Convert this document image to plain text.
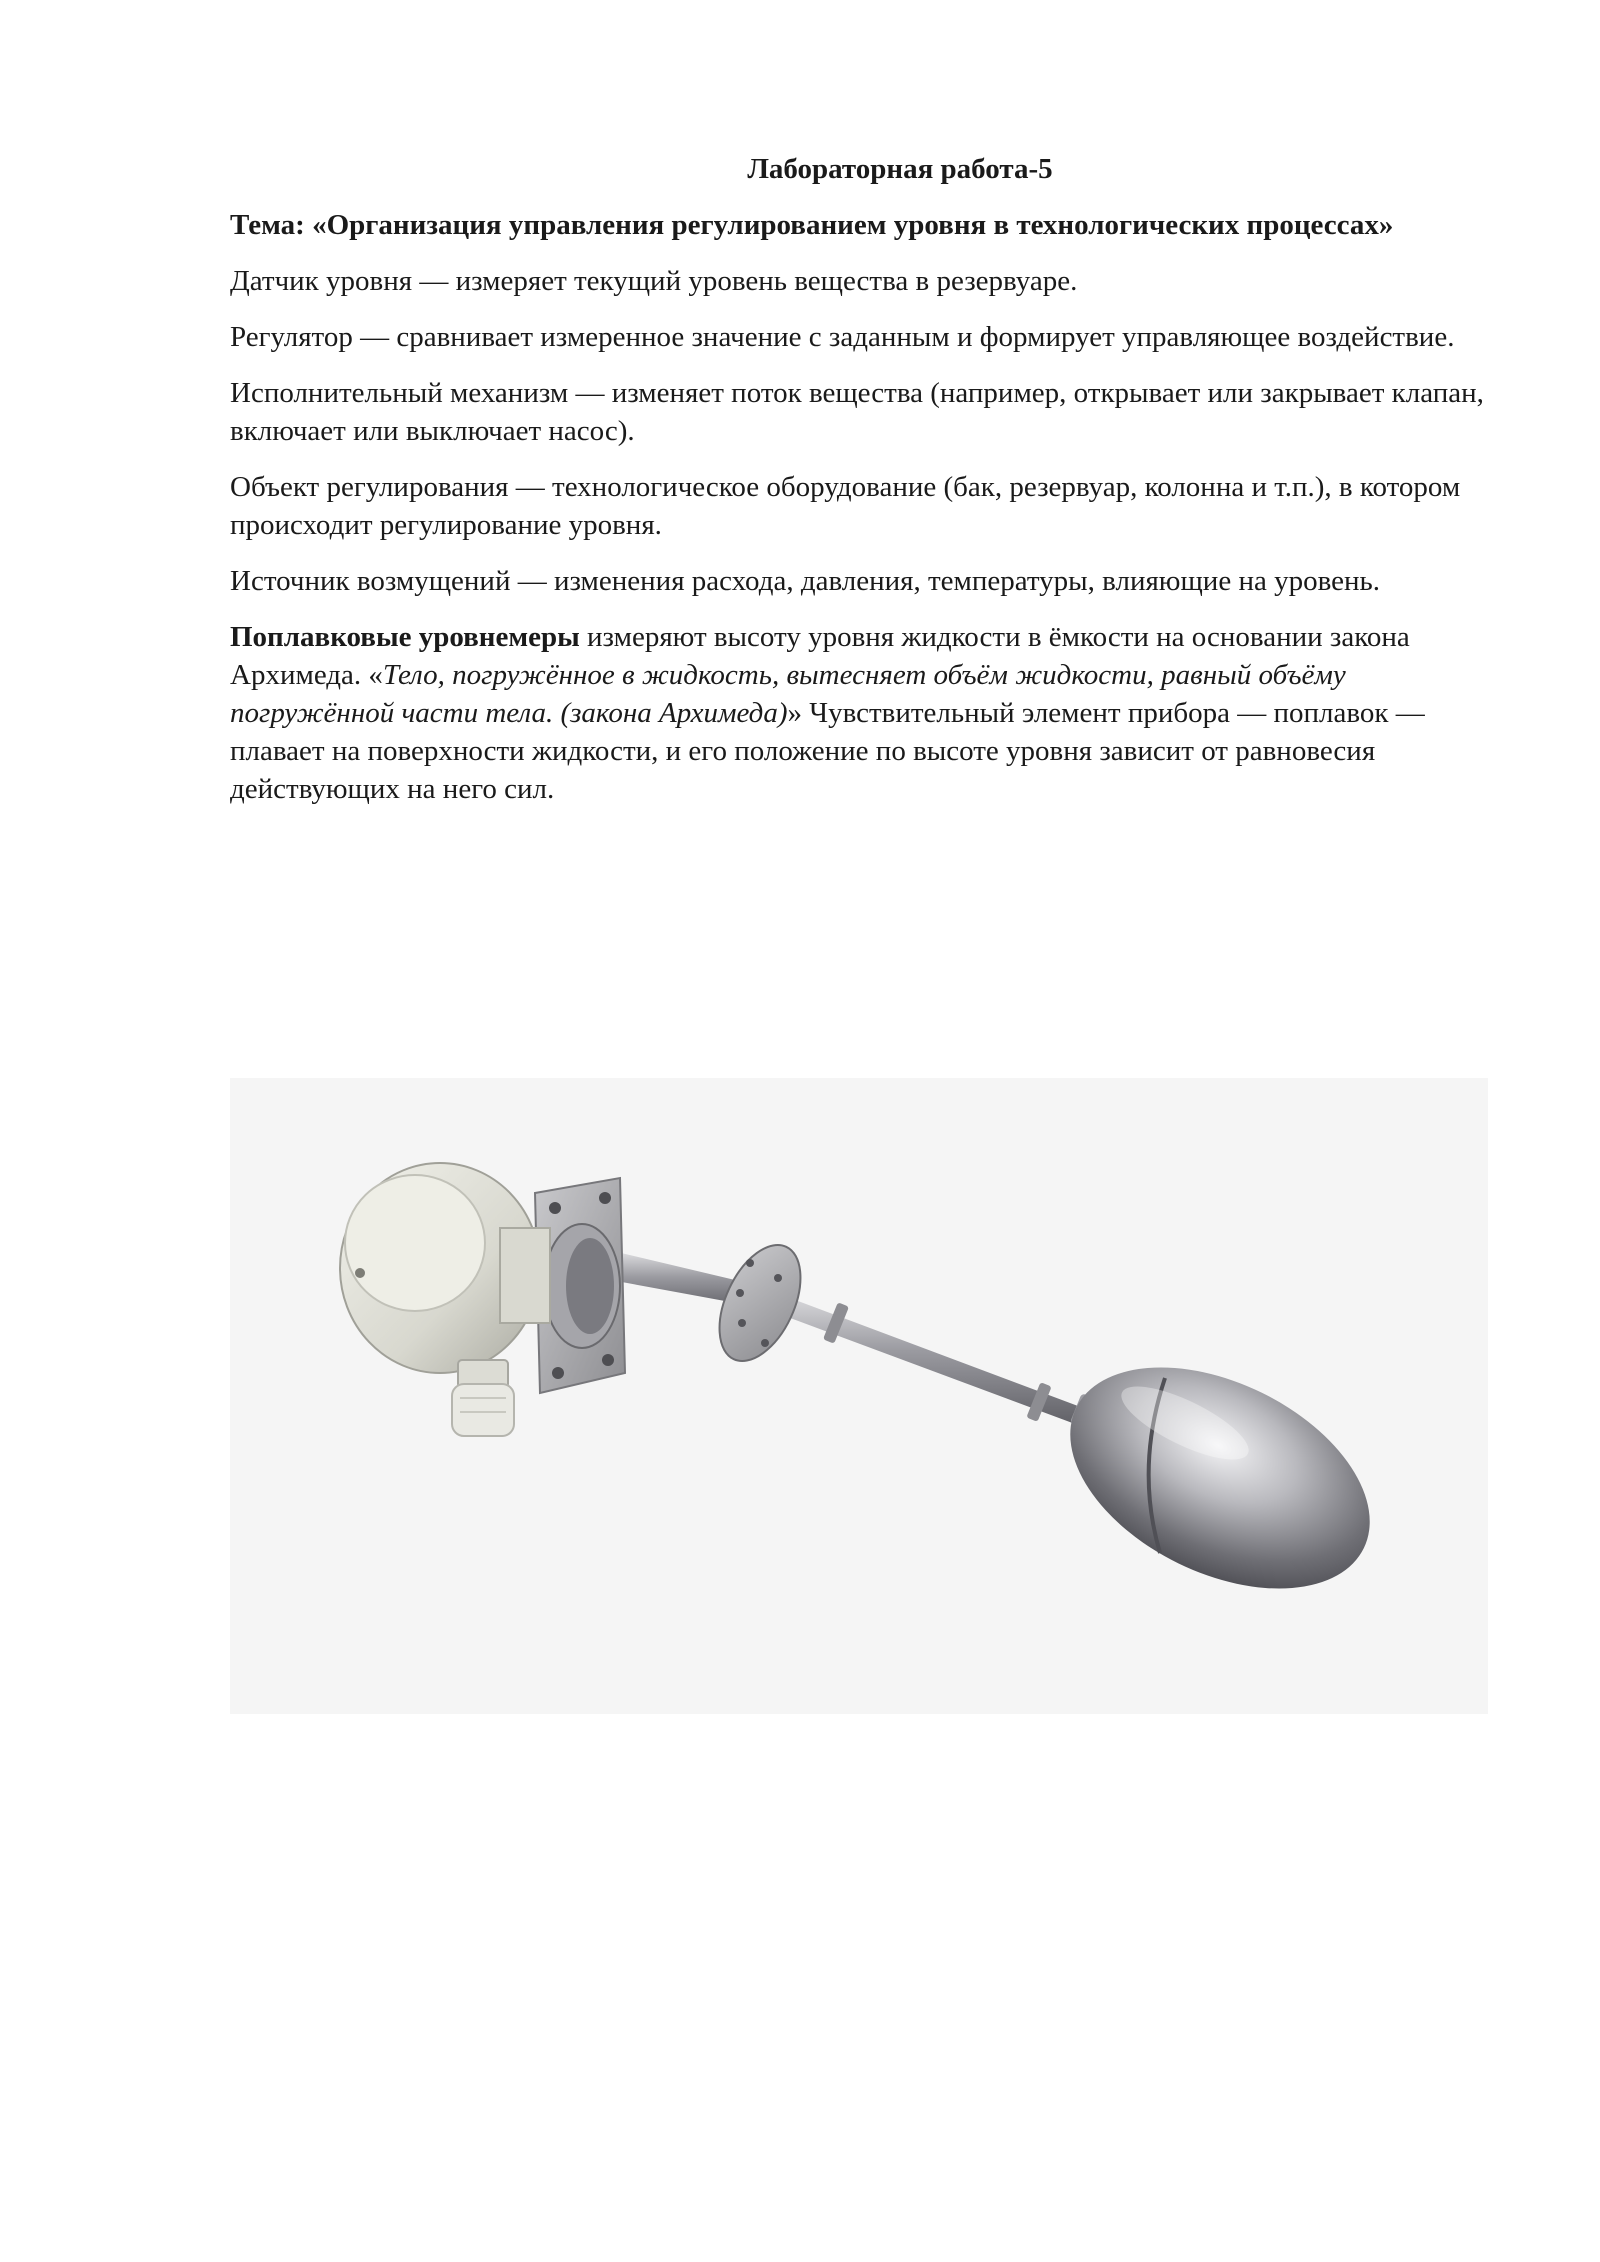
Лабораторная работа-5
Тема: «Организация управления регулированием уровня в технологических процессах»

Датчик уровня — измеряет текущий уровень вещества в резервуаре.

Регулятор — сравнивает измеренное значение с заданным и формирует управляющее воздействие.

Исполнительный механизм — изменяет поток вещества (например, открывает или закрывает клапан, включает или выключает насос).

Объект регулирования — технологическое оборудование (бак, резервуар, колонна и т.п.), в котором происходит регулирование уровня.

Источник возмущений — изменения расхода, давления, температуры, влияющие на уровень.

Поплавковые уровнемеры измеряют высоту уровня жидкости в ёмкости на основании закона Архимеда. «Тело, погружённое в жидкость, вытесняет объём жидкости, равный объёму погружённой части тела. (закона Архимеда)» Чувствительный элемент прибора — поплавок — плавает на поверхности жидкости, и его положение по высоте уровня зависит от равновесия действующих на него сил.
